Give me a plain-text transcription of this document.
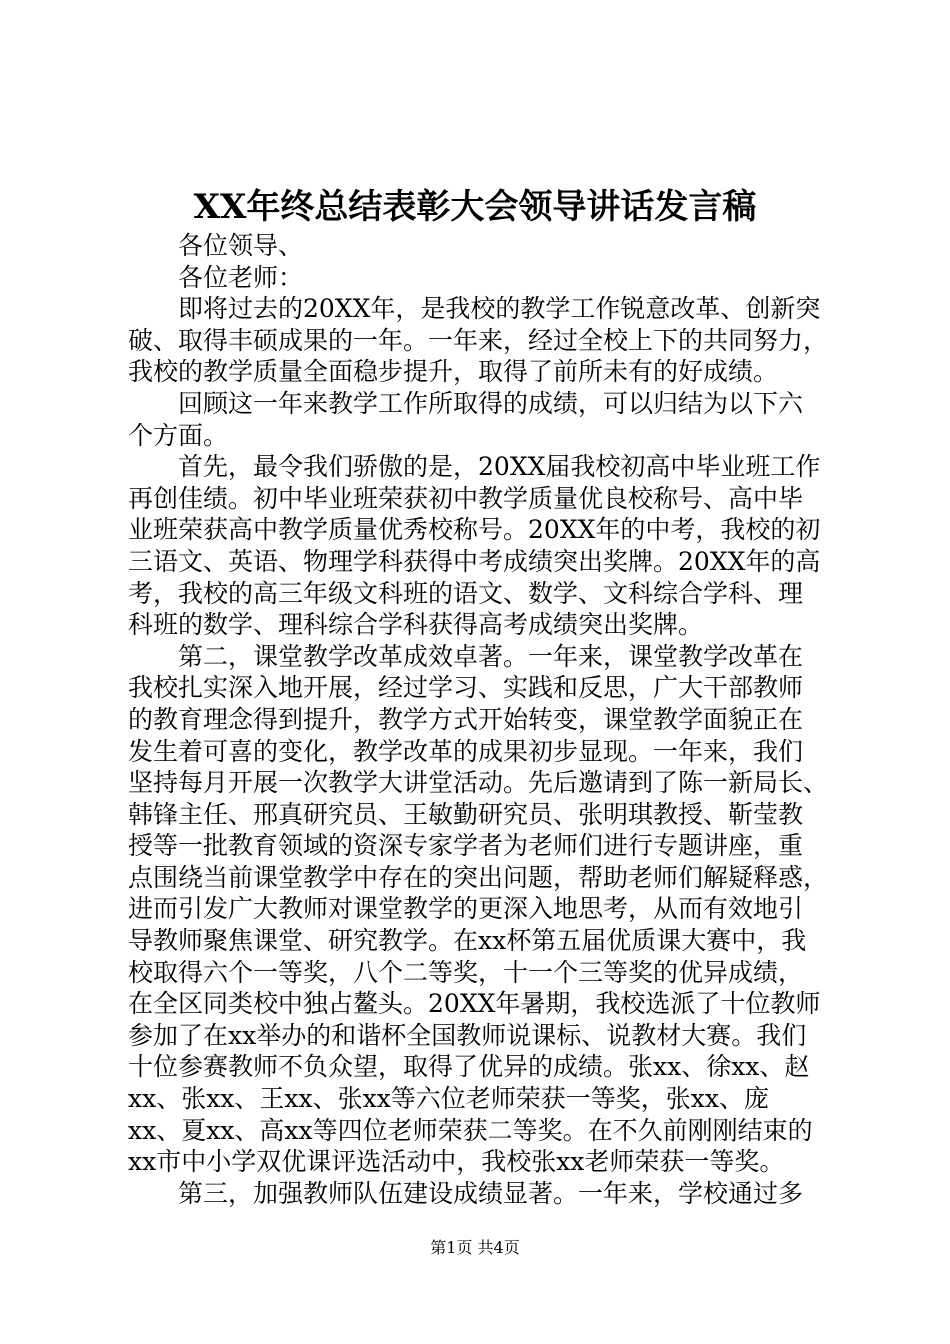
XX年终总结表彰大会领导讲话发言稿
　　各位领导、
　　各位老师：
　　即将过去的20XX年，是我校的教学工作锐意改革、创新突
破、取得丰硕成果的一年。一年来，经过全校上下的共同努力，
我校的教学质量全面稳步提升，取得了前所未有的好成绩。
　　回顾这一年来教学工作所取得的成绩，可以归结为以下六
个方面。
　　首先，最令我们骄傲的是，20XX届我校初高中毕业班工作
再创佳绩。初中毕业班荣获初中教学质量优良校称号、高中毕
业班荣获高中教学质量优秀校称号。20XX年的中考，我校的初
三语文、英语、物理学科获得中考成绩突出奖牌。20XX年的高
考，我校的高三年级文科班的语文、数学、文科综合学科、理
科班的数学、理科综合学科获得高考成绩突出奖牌。
　　第二，课堂教学改革成效卓著。一年来，课堂教学改革在
我校扎实深入地开展，经过学习、实践和反思，广大干部教师
的教育理念得到提升，教学方式开始转变，课堂教学面貌正在
发生着可喜的变化，教学改革的成果初步显现。一年来，我们
坚持每月开展一次教学大讲堂活动。先后邀请到了陈一新局长、
韩锋主任、邢真研究员、王敏勤研究员、张明琪教授、靳莹教
授等一批教育领域的资深专家学者为老师们进行专题讲座，重
点围绕当前课堂教学中存在的突出问题，帮助老师们解疑释惑，
进而引发广大教师对课堂教学的更深入地思考，从而有效地引
导教师聚焦课堂、研究教学。在xx杯第五届优质课大赛中，我
校取得六个一等奖，八个二等奖，十一个三等奖的优异成绩，
在全区同类校中独占鳌头。20XX年暑期，我校选派了十位教师
参加了在xx举办的和谐杯全国教师说课标、说教材大赛。我们
十位参赛教师不负众望，取得了优异的成绩。张xx、徐xx、赵
xx、张xx、王xx、张xx等六位老师荣获一等奖，张xx、庞
xx、夏xx、高xx等四位老师荣获二等奖。在不久前刚刚结束的
xx市中小学双优课评选活动中，我校张xx老师荣获一等奖。
　　第三，加强教师队伍建设成绩显著。一年来，学校通过多
第1页 共4页
